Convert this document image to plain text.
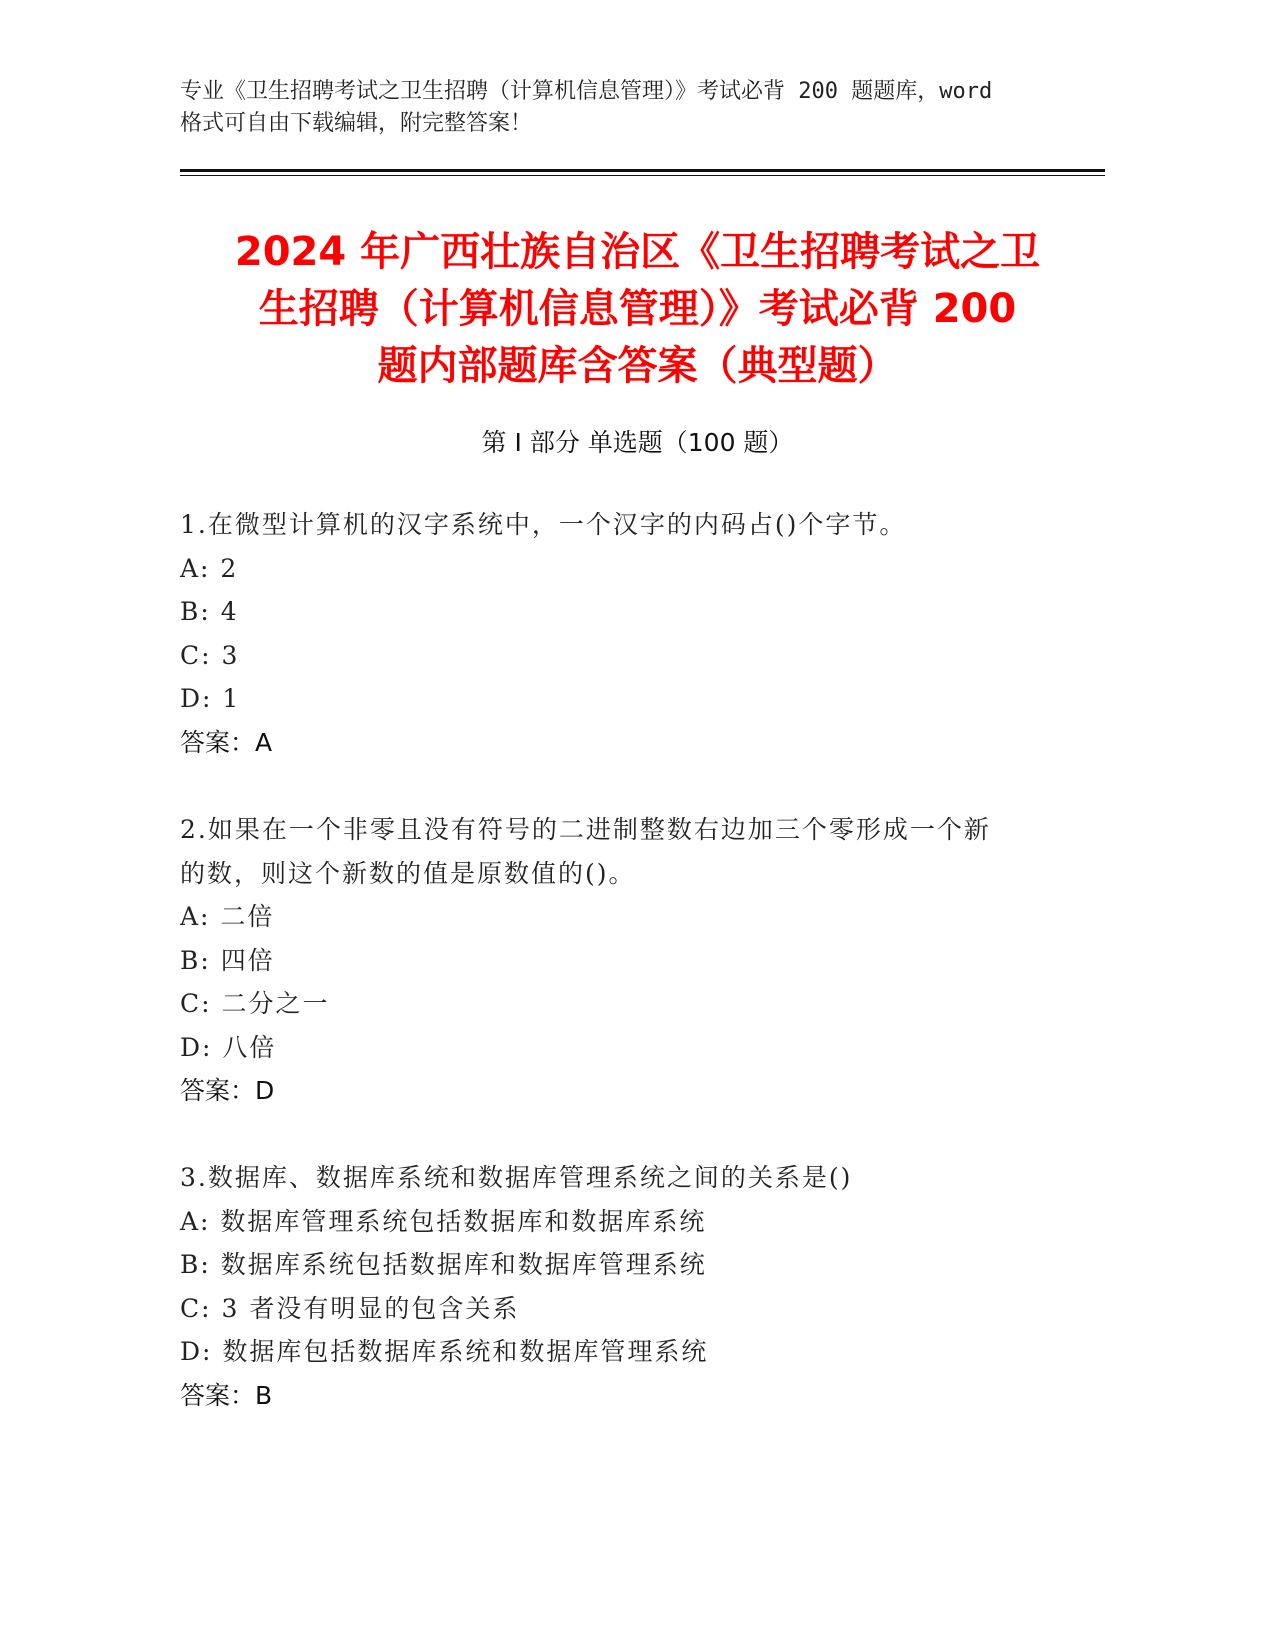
专业《卫生招聘考试之卫生招聘（计算机信息管理）》考试必背 200 题题库，word
格式可自由下载编辑，附完整答案！
2024 年广西壮族自治区《卫生招聘考试之卫
生招聘（计算机信息管理）》考试必背 200
题内部题库含答案（典型题）
第 I 部分 单选题（100 题）
1.在微型计算机的汉字系统中，一个汉字的内码占()个字节。
A: 2
B: 4
C: 3
D: 1
答案：A
2.如果在一个非零且没有符号的二进制整数右边加三个零形成一个新
的数，则这个新数的值是原数值的()。
A: 二倍
B: 四倍
C: 二分之一
D: 八倍
答案：D
3.数据库、数据库系统和数据库管理系统之间的关系是()
A: 数据库管理系统包括数据库和数据库系统
B: 数据库系统包括数据库和数据库管理系统
C: 3 者没有明显的包含关系
D: 数据库包括数据库系统和数据库管理系统
答案：B
